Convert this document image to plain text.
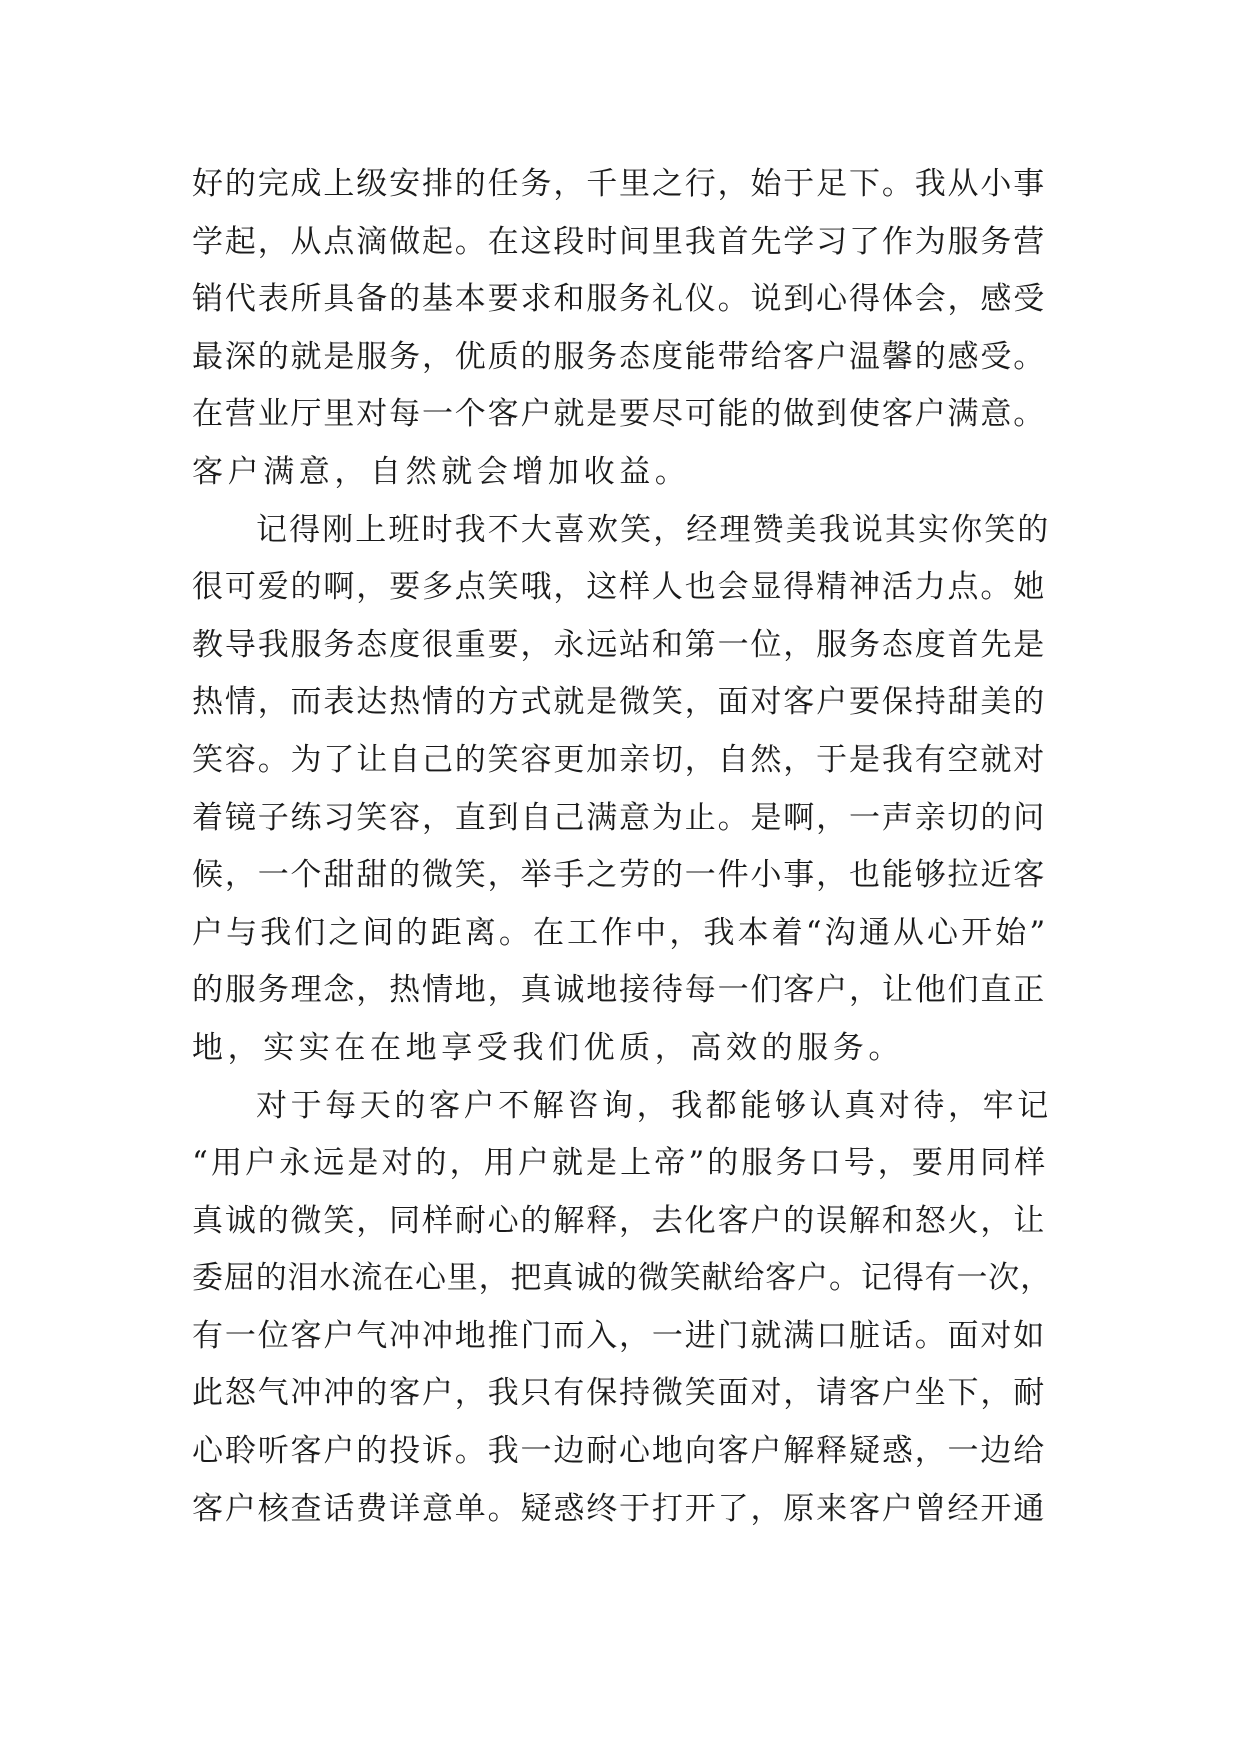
好的完成上级安排的任务，千里之行，始于足下。我从小事
学起，从点滴做起。在这段时间里我首先学习了作为服务营
销代表所具备的基本要求和服务礼仪。说到心得体会，感受
最深的就是服务，优质的服务态度能带给客户温馨的感受。
在营业厅里对每一个客户就是要尽可能的做到使客户满意。
客户满意，自然就会增加收益。
记得刚上班时我不大喜欢笑，经理赞美我说其实你笑的
很可爱的啊，要多点笑哦，这样人也会显得精神活力点。她
教导我服务态度很重要，永远站和第一位，服务态度首先是
热情，而表达热情的方式就是微笑，面对客户要保持甜美的
笑容。为了让自己的笑容更加亲切，自然，于是我有空就对
着镜子练习笑容，直到自己满意为止。是啊，一声亲切的问
候，一个甜甜的微笑，举手之劳的一件小事，也能够拉近客
户与我们之间的距离。在工作中，我本着“沟通从心开始”
的服务理念，热情地，真诚地接待每一们客户，让他们直正
地，实实在在地享受我们优质，高效的服务。
对于每天的客户不解咨询，我都能够认真对待，牢记
“用户永远是对的，用户就是上帝”的服务口号，要用同样
真诚的微笑，同样耐心的解释，去化客户的误解和怒火，让
委屈的泪水流在心里，把真诚的微笑献给客户。记得有一次，
有一位客户气冲冲地推门而入，一进门就满口脏话。面对如
此怒气冲冲的客户，我只有保持微笑面对，请客户坐下，耐
心聆听客户的投诉。我一边耐心地向客户解释疑惑，一边给
客户核查话费详意单。疑惑终于打开了，原来客户曾经开通
